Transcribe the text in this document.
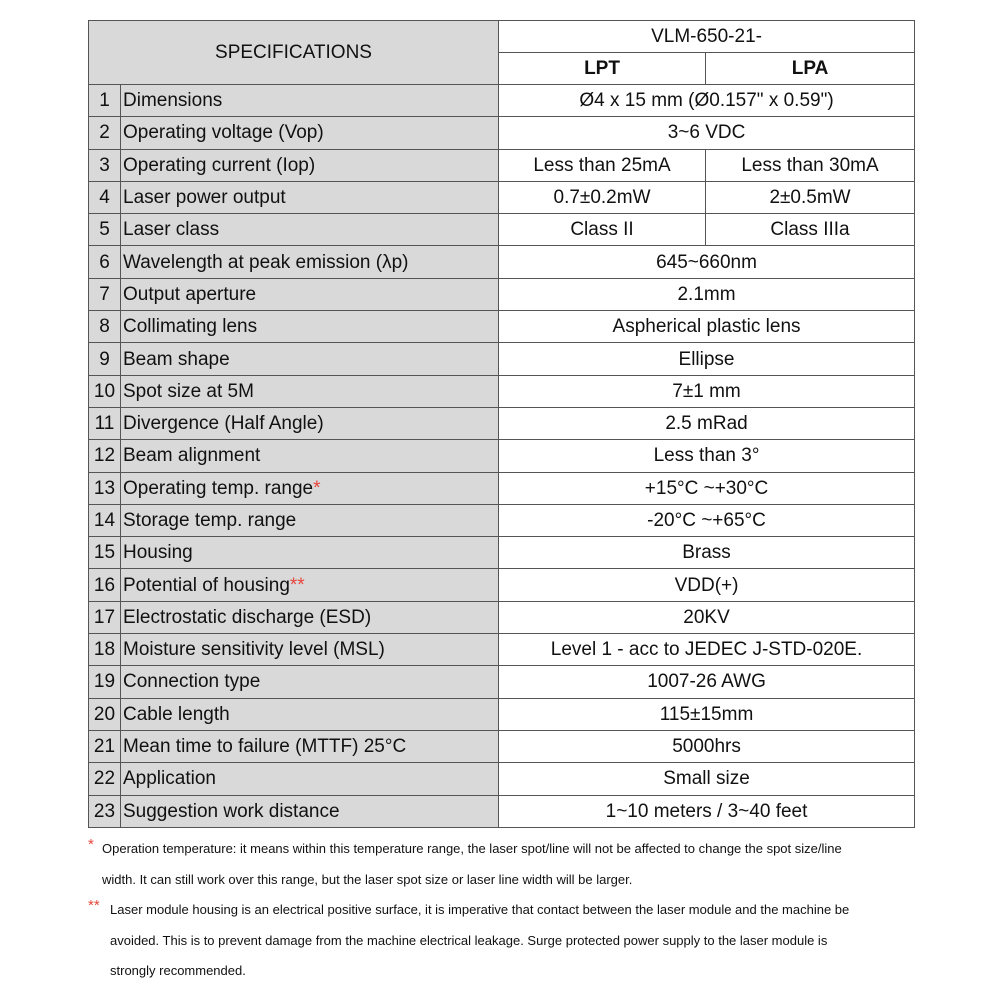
SPECIFICATIONS		VLM-650-21-	
		LPT	LPA
1	Dimensions	Ø4 x 15 mm (Ø0.157" x 0.59")	
2	Operating voltage (Vop)	3~6 VDC	
3	Operating current (Iop)	Less than 25mA	Less than 30mA
4	Laser power output	0.7±0.2mW	2±0.5mW
5	Laser class	Class II	Class IIIa
6	Wavelength at peak emission (λp)	645~660nm	
7	Output aperture	2.1mm	
8	Collimating lens	Aspherical plastic lens	
9	Beam shape	Ellipse	
10	Spot size at 5M	7±1 mm	
11	Divergence (Half Angle)	2.5 mRad	
12	Beam alignment	Less than 3°	
13	Operating temp. range*	+15°C ~+30°C	
14	Storage temp. range	-20°C ~+65°C	
15	Housing	Brass	
16	Potential of housing**	VDD(+)	
17	Electrostatic discharge (ESD)	20KV	
18	Moisture sensitivity level (MSL)	Level 1 - acc to JEDEC J-STD-020E.	
19	Connection type	1007-26 AWG	
20	Cable length	115±15mm	
21	Mean time to failure (MTTF) 25°C	5000hrs	
22	Application	Small size	
23	Suggestion work distance	1~10 meters / 3~40 feet	
* Operation temperature: it means within this temperature range, the laser spot/line will not be affected to change the spot size/line
width. It can still work over this range, but the laser spot size or laser line width will be larger.
** Laser module housing is an electrical positive surface, it is imperative that contact between the laser module and the machine be
avoided. This is to prevent damage from the machine electrical leakage. Surge protected power supply to the laser module is
strongly recommended.
